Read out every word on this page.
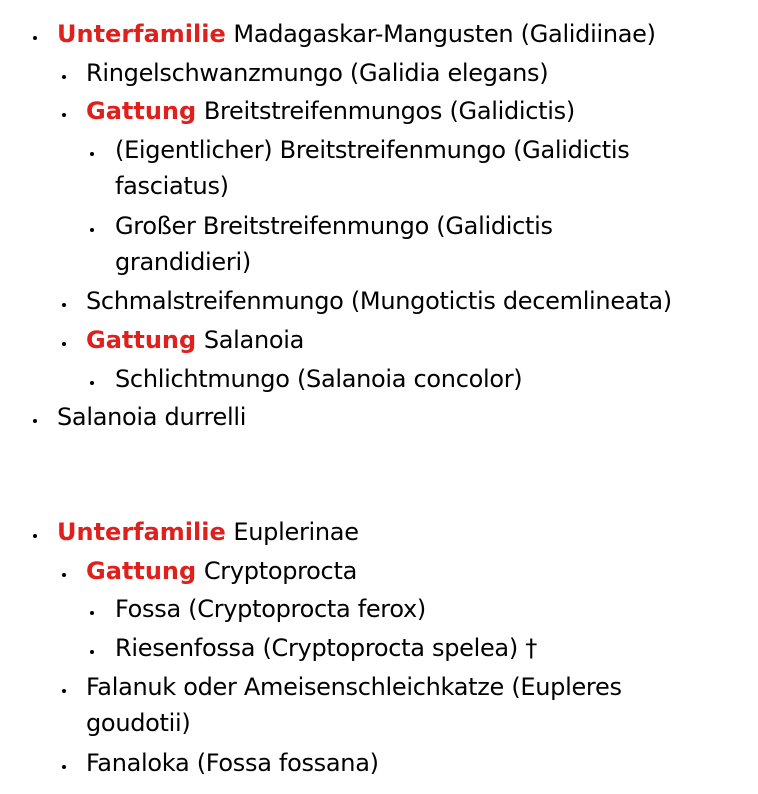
Unterfamilie Madagaskar-Mangusten (Galidiinae)
Ringelschwanzmungo (Galidia elegans)
Gattung Breitstreifenmungos (Galidictis)
(Eigentlicher) Breitstreifenmungo (Galidictis
fasciatus)
Großer Breitstreifenmungo (Galidictis
grandidieri)
Schmalstreifenmungo (Mungotictis decemlineata)
Gattung Salanoia
Schlichtmungo (Salanoia concolor)
Salanoia durrelli
Unterfamilie Euplerinae
Gattung Cryptoprocta
Fossa (Cryptoprocta ferox)
Riesenfossa (Cryptoprocta spelea) †
Falanuk oder Ameisenschleichkatze (Eupleres
goudotii)
Fanaloka (Fossa fossana)
